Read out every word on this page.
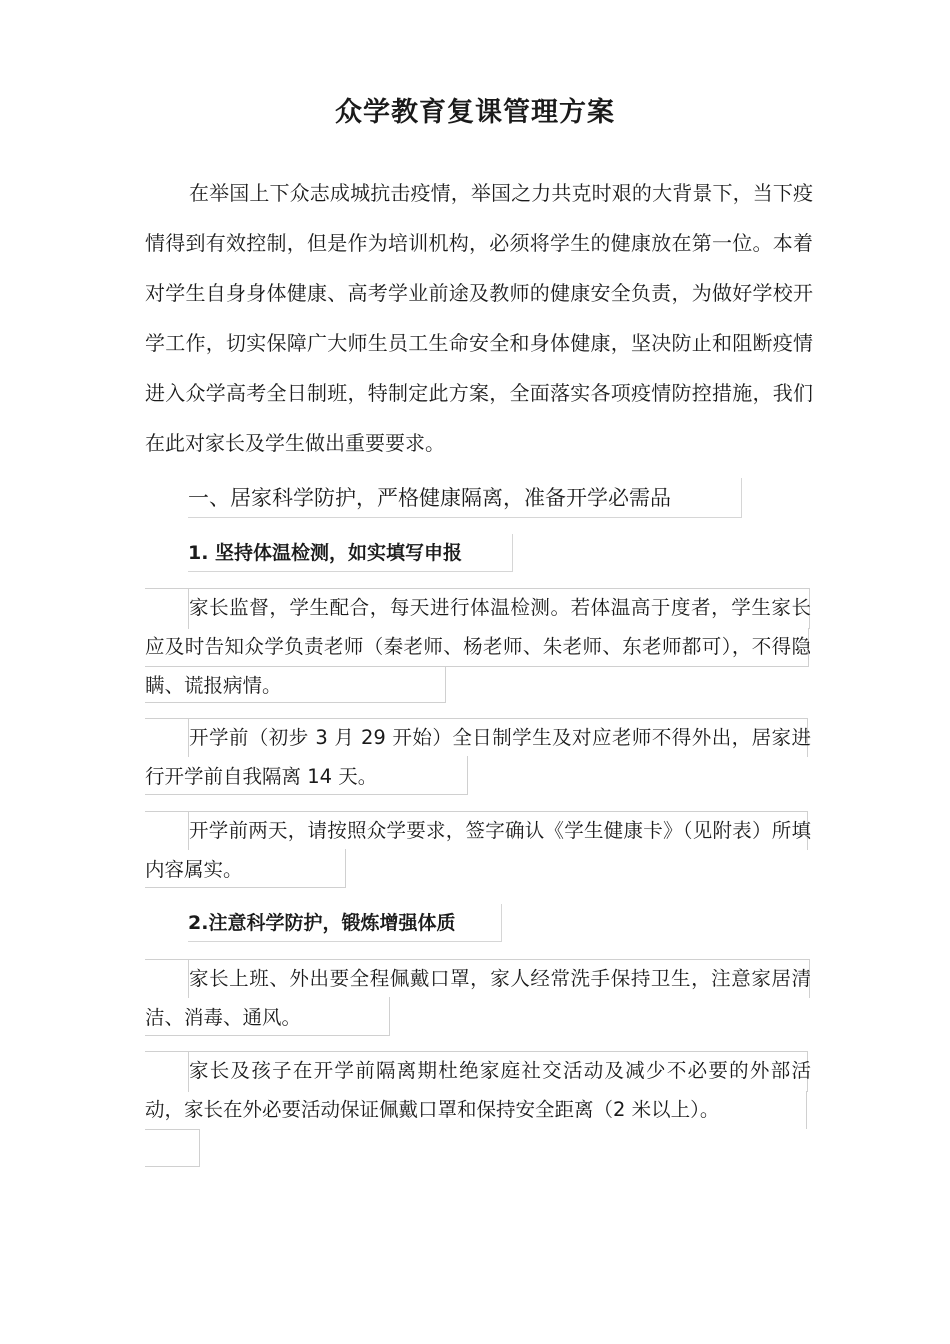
众学教育复课管理方案
在举国上下众志成城抗击疫情，举国之力共克时艰的大背景下，当下疫情得到有效控制，但是作为培训机构，必须将学生的健康放在第一位。本着对学生自身身体健康、高考学业前途及教师的健康安全负责，为做好学校开学工作，切实保障广大师生员工生命安全和身体健康，坚决防止和阻断疫情进入众学高考全日制班，特制定此方案，全面落实各项疫情防控措施，我们在此对家长及学生做出重要要求。
一、居家科学防护，严格健康隔离，准备开学必需品
1. 坚持体温检测，如实填写申报
家长监督，学生配合，每天进行体温检测。若体温高于度者，学生家长应及时告知众学负责老师（秦老师、杨老师、朱老师、东老师都可），不得隐瞒、谎报病情。
开学前（初步 3 月 29 开始）全日制学生及对应老师不得外出，居家进行开学前自我隔离 14 天。
开学前两天，请按照众学要求，签字确认《学生健康卡》（见附表）所填内容属实。
2.注意科学防护，锻炼增强体质
家长上班、外出要全程佩戴口罩，家人经常洗手保持卫生，注意家居清洁、消毒、通风。
家长及孩子在开学前隔离期杜绝家庭社交活动及减少不必要的外部活动，家长在外必要活动保证佩戴口罩和保持安全距离（2 米以上）。
